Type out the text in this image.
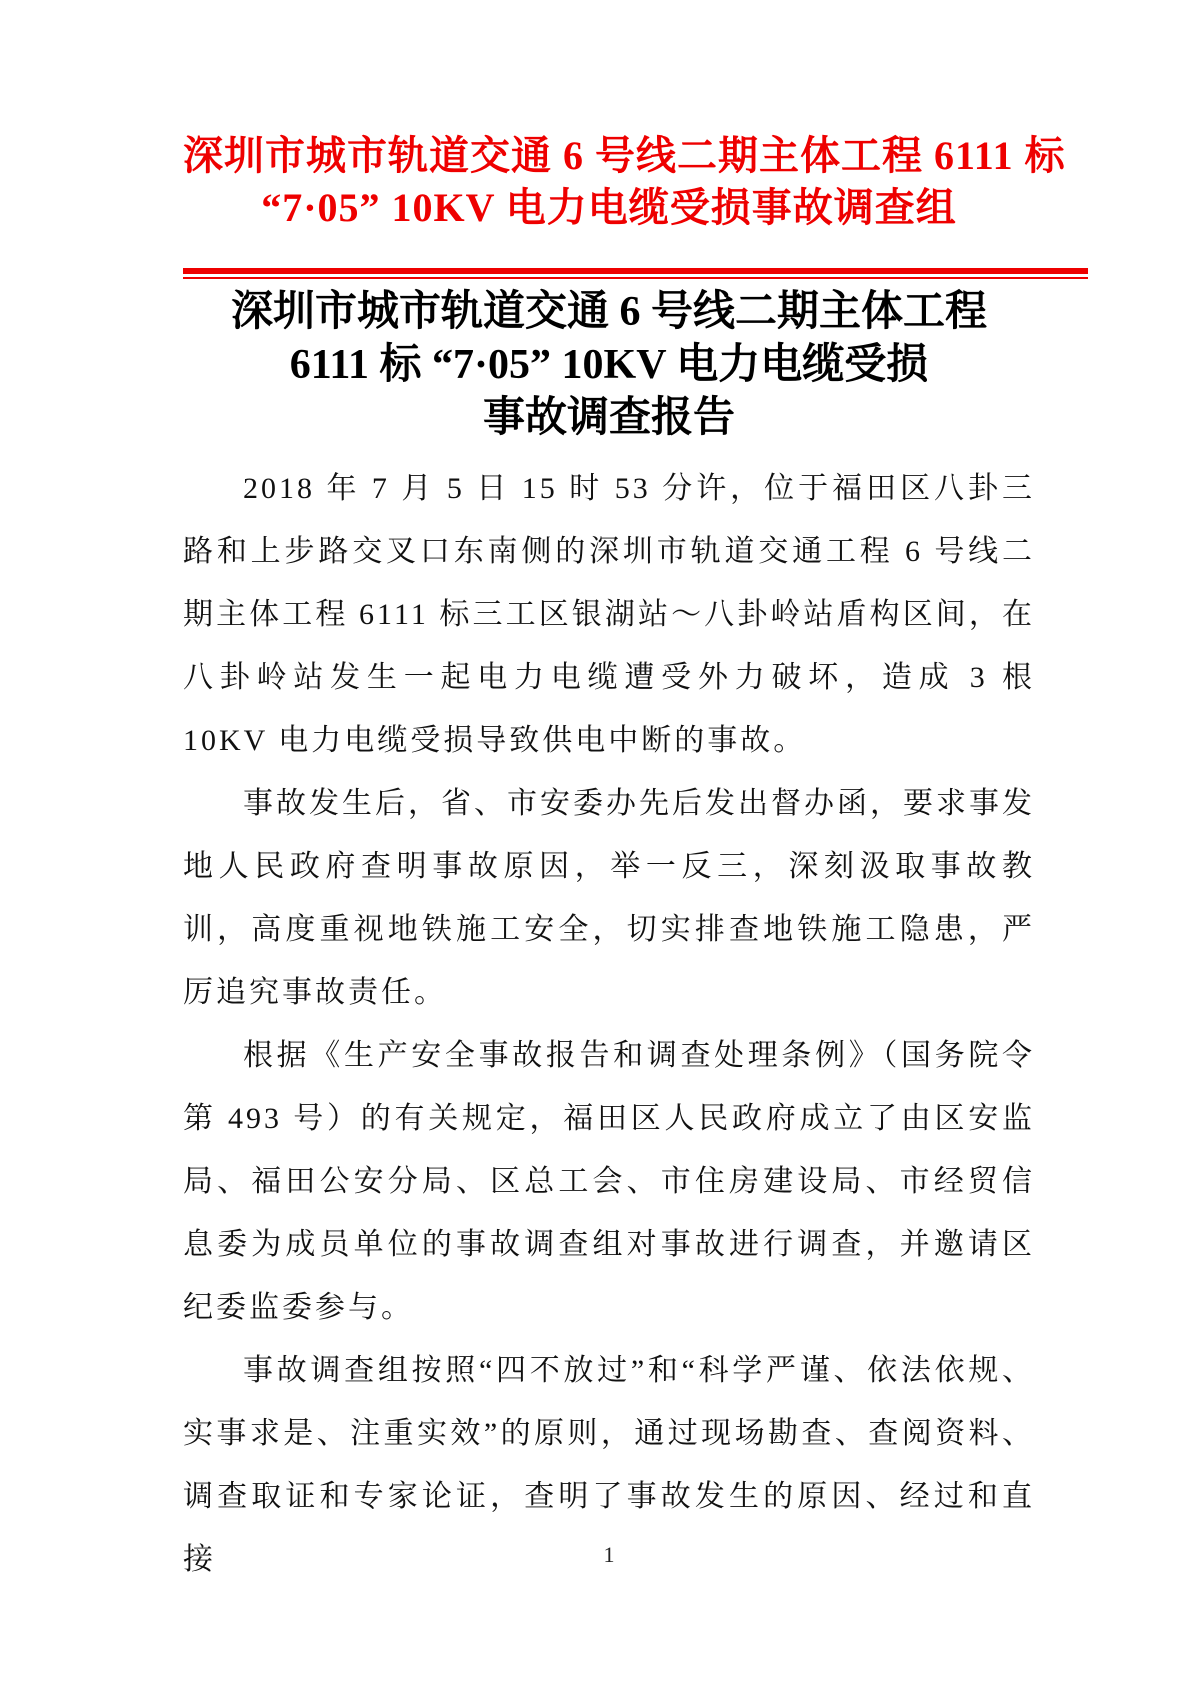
深圳市城市轨道交通 6 号线二期主体工程 6111 标
“7·05” 10KV 电力电缆受损事故调查组
深圳市城市轨道交通 6 号线二期主体工程
6111 标 “7·05” 10KV 电力电缆受损
事故调查报告

2018 年 7 月 5 日 15 时 53 分许，位于福田区八卦三路和上步路交叉口东南侧的深圳市轨道交通工程 6 号线二期主体工程 6111 标三工区银湖站～八卦岭站盾构区间，在八卦岭站发生一起电力电缆遭受外力破坏，造成 3 根 10KV 电力电缆受损导致供电中断的事故。

事故发生后，省、市安委办先后发出督办函，要求事发地人民政府查明事故原因，举一反三，深刻汲取事故教训，高度重视地铁施工安全，切实排查地铁施工隐患，严厉追究事故责任。

根据《生产安全事故报告和调查处理条例》（国务院令第 493 号）的有关规定，福田区人民政府成立了由区安监局、福田公安分局、区总工会、市住房建设局、市经贸信息委为成员单位的事故调查组对事故进行调查，并邀请区纪委监委参与。

事故调查组按照“四不放过”和“科学严谨、依法依规、实事求是、注重实效”的原则，通过现场勘查、查阅资料、调查取证和专家论证，查明了事故发生的原因、经过和直接	1
